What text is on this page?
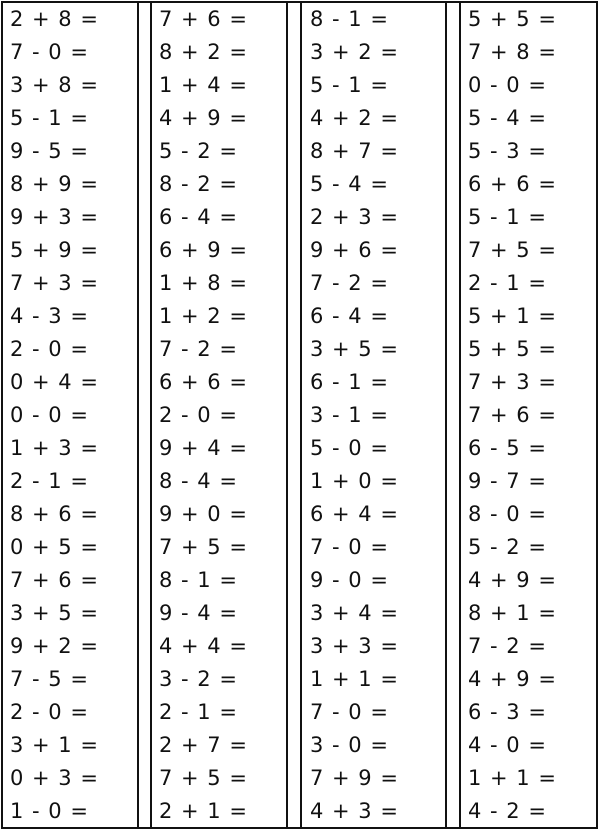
2 + 8 =
7 - 0 =
3 + 8 =
5 - 1 =
9 - 5 =
8 + 9 =
9 + 3 =
5 + 9 =
7 + 3 =
4 - 3 =
2 - 0 =
0 + 4 =
0 - 0 =
1 + 3 =
2 - 1 =
8 + 6 =
0 + 5 =
7 + 6 =
3 + 5 =
9 + 2 =
7 - 5 =
2 - 0 =
3 + 1 =
0 + 3 =
1 - 0 =
7 + 6 =
8 + 2 =
1 + 4 =
4 + 9 =
5 - 2 =
8 - 2 =
6 - 4 =
6 + 9 =
1 + 8 =
1 + 2 =
7 - 2 =
6 + 6 =
2 - 0 =
9 + 4 =
8 - 4 =
9 + 0 =
7 + 5 =
8 - 1 =
9 - 4 =
4 + 4 =
3 - 2 =
2 - 1 =
2 + 7 =
7 + 5 =
2 + 1 =
8 - 1 =
3 + 2 =
5 - 1 =
4 + 2 =
8 + 7 =
5 - 4 =
2 + 3 =
9 + 6 =
7 - 2 =
6 - 4 =
3 + 5 =
6 - 1 =
3 - 1 =
5 - 0 =
1 + 0 =
6 + 4 =
7 - 0 =
9 - 0 =
3 + 4 =
3 + 3 =
1 + 1 =
7 - 0 =
3 - 0 =
7 + 9 =
4 + 3 =
5 + 5 =
7 + 8 =
0 - 0 =
5 - 4 =
5 - 3 =
6 + 6 =
5 - 1 =
7 + 5 =
2 - 1 =
5 + 1 =
5 + 5 =
7 + 3 =
7 + 6 =
6 - 5 =
9 - 7 =
8 - 0 =
5 - 2 =
4 + 9 =
8 + 1 =
7 - 2 =
4 + 9 =
6 - 3 =
4 - 0 =
1 + 1 =
4 - 2 =
